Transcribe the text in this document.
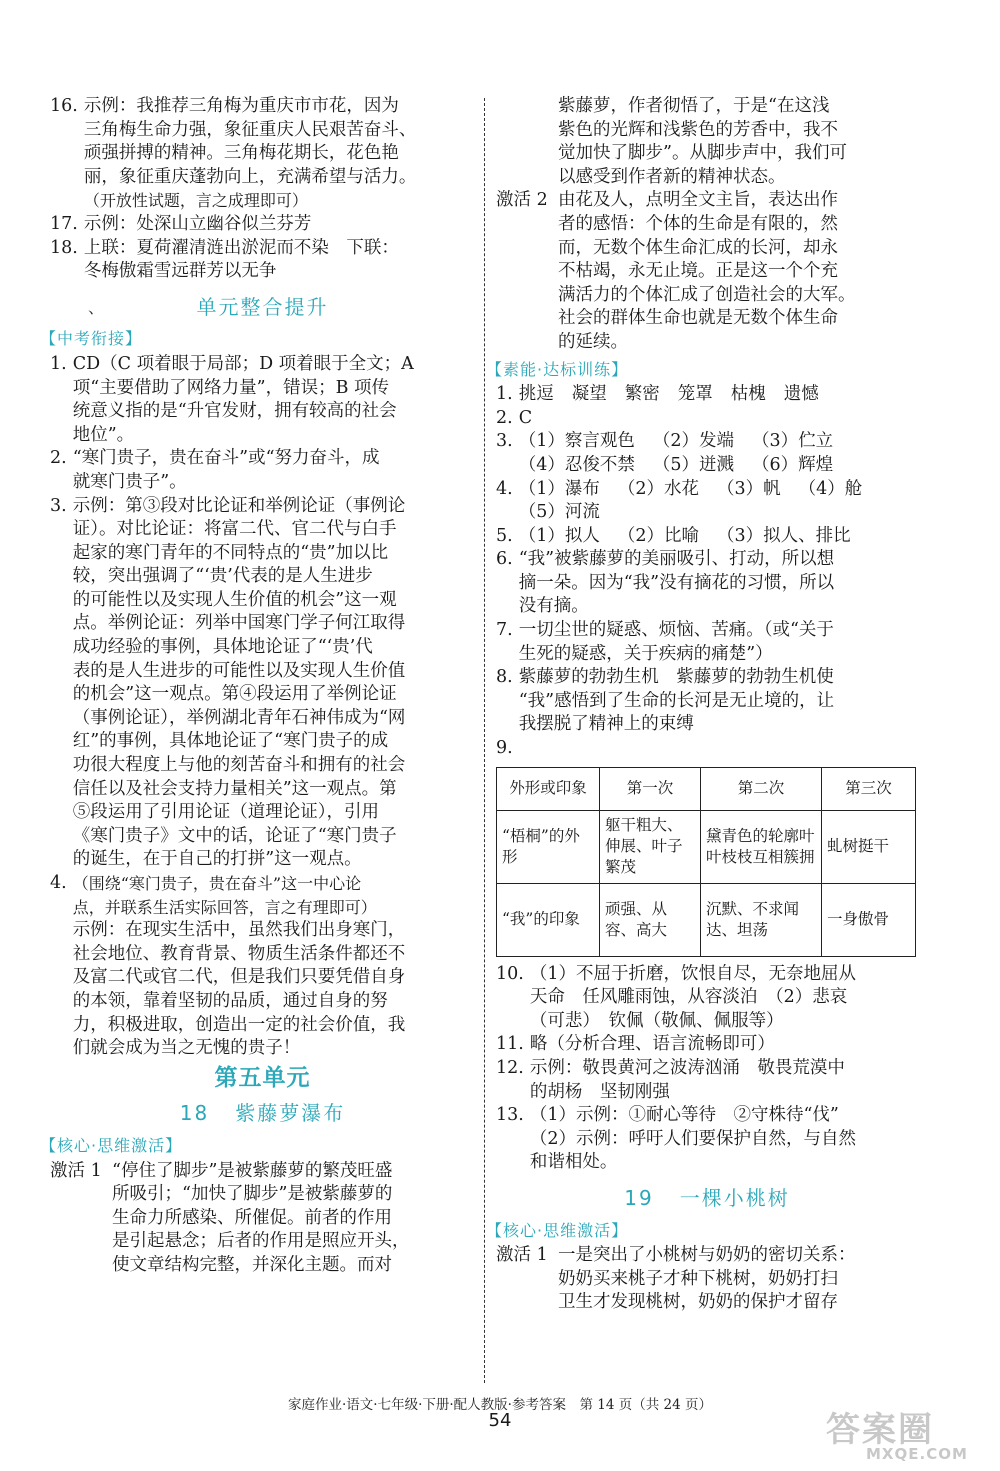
16. 示例：我推荐三角梅为重庆市市花，因为
三角梅生命力强，象征重庆人民艰苦奋斗、
顽强拼搏的精神。三角梅花期长，花色艳
丽，象征重庆蓬勃向上，充满希望与活力。
（开放性试题，言之成理即可）
17. 示例：处深山立幽谷似兰芬芳
18. 上联：夏荷濯清涟出淤泥而不染　下联：
冬梅傲霜雪远群芳以无争
、	单元整合提升
【中考衔接】
1. CD（C 项着眼于局部；D 项着眼于全文；A
项“主要借助了网络力量”，错误；B 项传
统意义指的是“升官发财，拥有较高的社会
地位”。
2. “寒门贵子，贵在奋斗”或“努力奋斗，成
就寒门贵子”。
3. 示例：第③段对比论证和举例论证（事例论
证）。对比论证：将富二代、官二代与白手
起家的寒门青年的不同特点的“贵”加以比
较，突出强调了“‘贵’代表的是人生进步
的可能性以及实现人生价值的机会”这一观
点。举例论证：列举中国寒门学子何江取得
成功经验的事例，具体地论证了“‘贵’代
表的是人生进步的可能性以及实现人生价值
的机会”这一观点。第④段运用了举例论证
（事例论证），举例湖北青年石神伟成为“网
红”的事例，具体地论证了“寒门贵子的成
功很大程度上与他的刻苦奋斗和拥有的社会
信任以及社会支持力量相关”这一观点。第
⑤段运用了引用论证（道理论证），引用
《寒门贵子》文中的话，论证了“寒门贵子
的诞生，在于自己的打拼”这一观点。
4. （围绕“寒门贵子，贵在奋斗”这一中心论
点，并联系生活实际回答，言之有理即可）
示例：在现实生活中，虽然我们出身寒门，
社会地位、教育背景、物质生活条件都还不
及富二代或官二代，但是我们只要凭借自身
的本领，靠着坚韧的品质，通过自身的努
力，积极进取，创造出一定的社会价值，我
们就会成为当之无愧的贵子！
第五单元
18 紫藤萝瀑布
【核心·思维激活】
激活 1 “停住了脚步”是被紫藤萝的繁茂旺盛
所吸引；“加快了脚步”是被紫藤萝的
生命力所感染、所催促。前者的作用
是引起悬念；后者的作用是照应开头，
使文章结构完整，并深化主题。而对
紫藤萝，作者彻悟了，于是“在这浅
紫色的光辉和浅紫色的芳香中，我不
觉加快了脚步”。从脚步声中，我们可
以感受到作者新的精神状态。
激活 2 由花及人，点明全文主旨，表达出作
者的感悟：个体的生命是有限的，然
而，无数个体生命汇成的长河，却永
不枯竭，永无止境。正是这一个个充
满活力的个体汇成了创造社会的大军。
社会的群体生命也就是无数个体生命
的延续。
【素能·达标训练】
1. 挑逗 凝望 繁密 笼罩 枯槐 遗憾
2. C
3. （1）察言观色 （2）发端 （3）伫立
（4）忍俊不禁 （5）迸溅 （6）辉煌
4. （1）瀑布 （2）水花 （3）帆 （4）舱
（5）河流
5. （1）拟人 （2）比喻 （3）拟人、排比
6. “我”被紫藤萝的美丽吸引、打动，所以想
摘一朵。因为“我”没有摘花的习惯，所以
没有摘。
7. 一切尘世的疑惑、烦恼、苦痛。（或“关于
生死的疑惑，关于疾病的痛楚”）
8. 紫藤萝的勃勃生机　紫藤萝的勃勃生机使
“我”感悟到了生命的长河是无止境的，让
我摆脱了精神上的束缚
9.
外形或印象	第一次	第二次	第三次
“梧桐”的外形	躯干粗大、伸展、叶子繁茂	黛青色的轮廓叶叶枝枝互相簇拥	虬树挺干
“我”的印象	顽强、从容、高大	沉默、不求闻达、坦荡	一身傲骨
10. （1）不屈于折磨，饮恨自尽，无奈地屈从
天命　任风雕雨蚀，从容淡泊　（2）悲哀
（可悲）　钦佩（敬佩、佩服等）
11. 略（分析合理、语言流畅即可）
12. 示例：敬畏黄河之波涛汹涌　敬畏荒漠中
的胡杨　坚韧刚强
13. （1）示例：①耐心等待　②守株待“伐”
（2）示例：呼吁人们要保护自然，与自然
和谐相处。
19 一棵小桃树
【核心·思维激活】
激活 1 一是突出了小桃树与奶奶的密切关系：
奶奶买来桃子才种下桃树，奶奶打扫
卫生才发现桃树，奶奶的保护才留存
家庭作业·语文·七年级·下册·配人教版·参考答案　第 14 页（共 24 页）
54	答案圈
MXQE.COM
